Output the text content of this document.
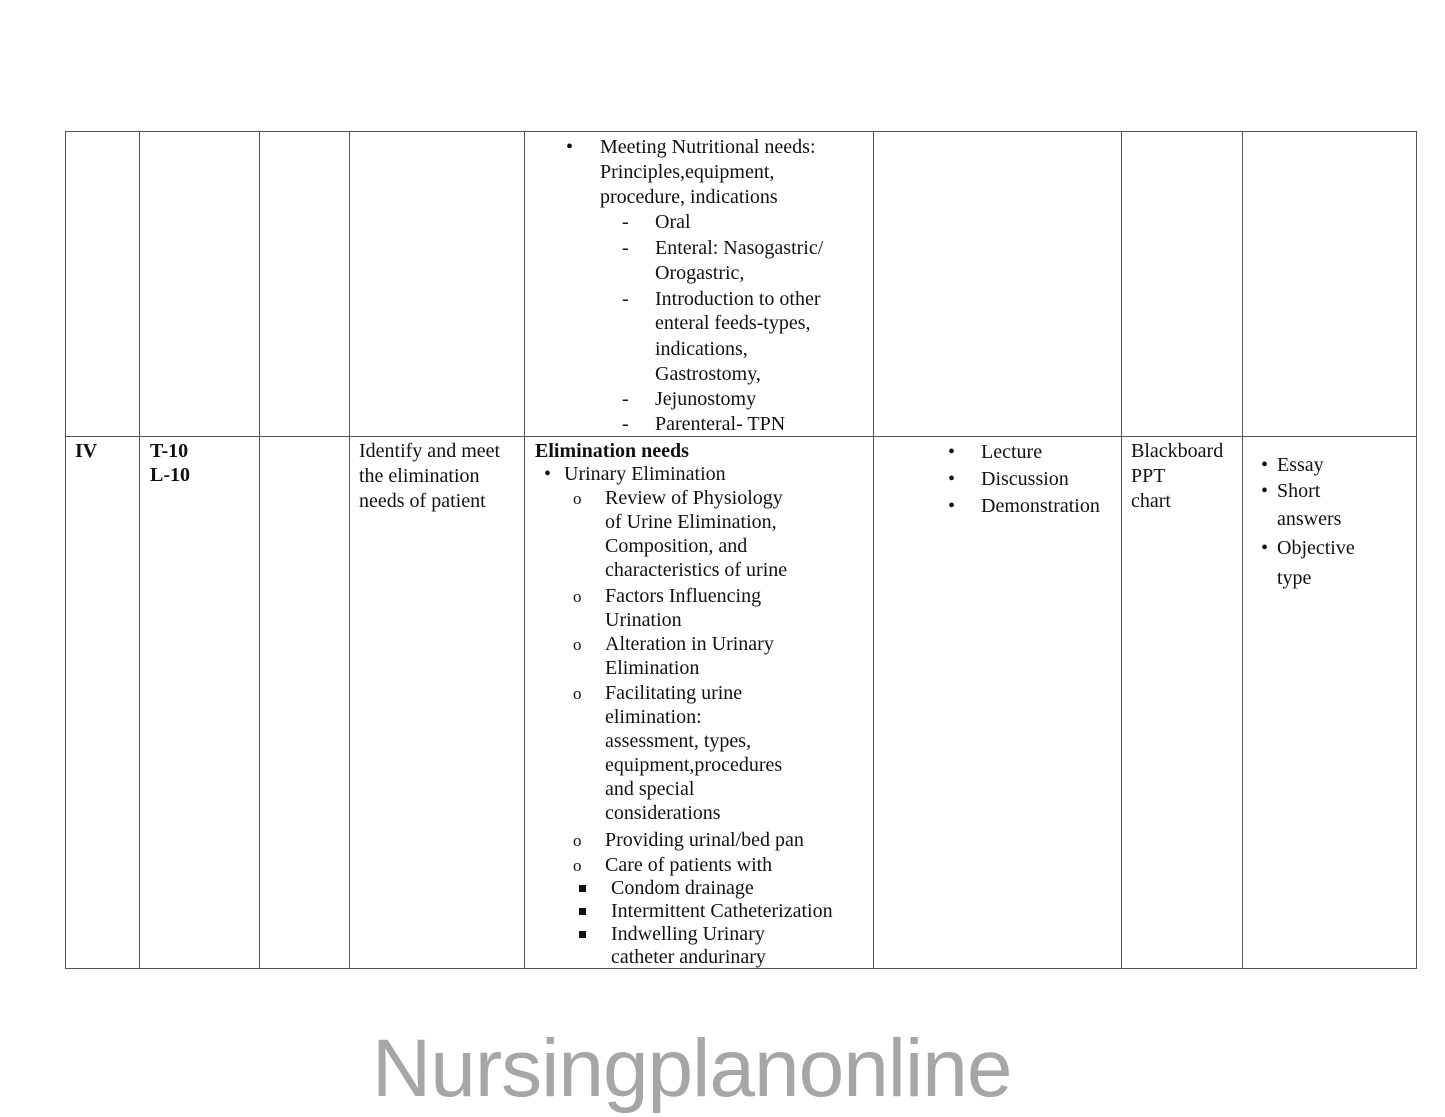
• Meeting Nutritional needs:
Principles,equipment,
procedure, indications
- Oral
- Enteral: Nasogastric/
Orogastric,
- Introduction to other
enteral feeds-types,
indications,
Gastrostomy,
- Jejunostomy
- Parenteral- TPN
IV	T-10
L-10
Identify and meet
the elimination
needs of patient
Elimination needs
• Urinary Elimination
o Review of Physiology
of Urine Elimination,
Composition, and
characteristics of urine
o Factors Influencing
Urination
o Alteration in Urinary
Elimination
o Facilitating urine
elimination:
assessment, types,
equipment,procedures
and special
considerations
o Providing urinal/bed pan
o Care of patients with
Condom drainage
Intermittent Catheterization
Indwelling Urinary
catheter andurinary
• Lecture
• Discussion
• Demonstration
Blackboard
PPT
chart
• Essay
• Short
answers
• Objective
type
Nursingplanonline
